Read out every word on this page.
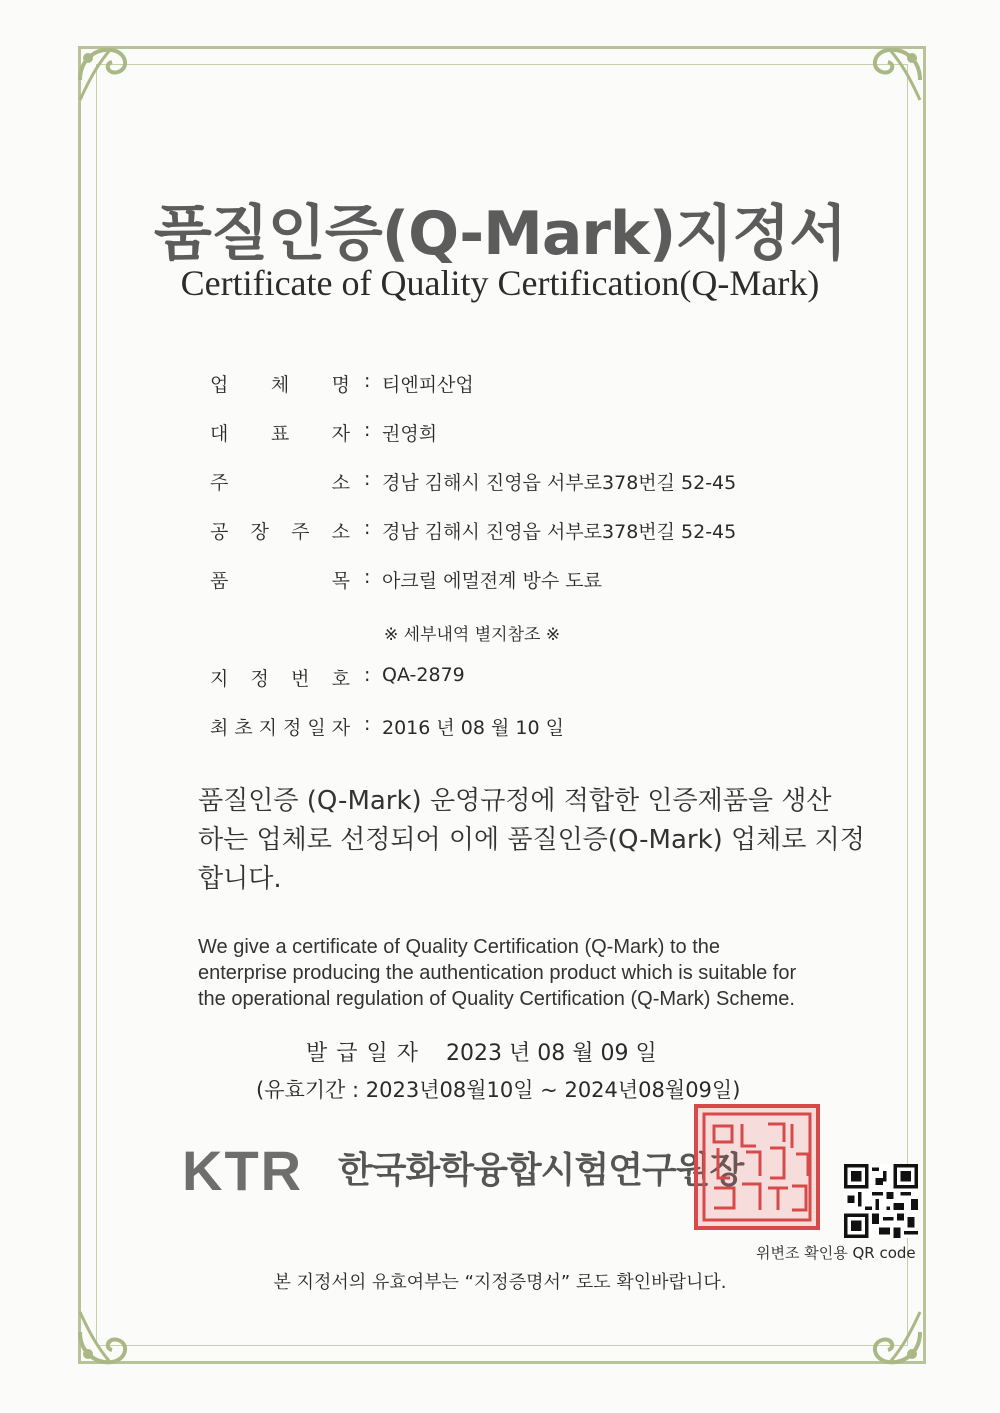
품질인증(Q-Mark)지정서
Certificate of Quality Certification(Q-Mark)
업 체 명 : 티엔피산업
대 표 자 : 권영희
주	소 : 경남 김해시 진영읍 서부로378번길 52-45
공 장 주 소 : 경남 김해시 진영읍 서부로378번길 52-45
품	목 : 아크릴 에멀젼계 방수 도료
지 정 번 호 : QA-2879
최 초 지 정 일 자 : 2016 년 08 월 10 일
※ 세부내역 별지참조 ※
품질인증 (Q-Mark) 운영규정에 적합한 인증제품을 생산
하는 업체로 선정되어 이에 품질인증(Q-Mark) 업체로 지정
합니다.
We give a certificate of Quality Certification (Q-Mark) to the
enterprise producing the authentication product which is suitable for
the operational regulation of Quality Certification (Q-Mark) Scheme.
발급일자 2023 년 08 월 09 일
(유효기간 : 2023년08월10일 ~ 2024년08월09일)
KTR 한국화학융합시험연구원장
위변조 확인용 QR code
본 지정서의 유효여부는 “지정증명서” 로도 확인바랍니다.
